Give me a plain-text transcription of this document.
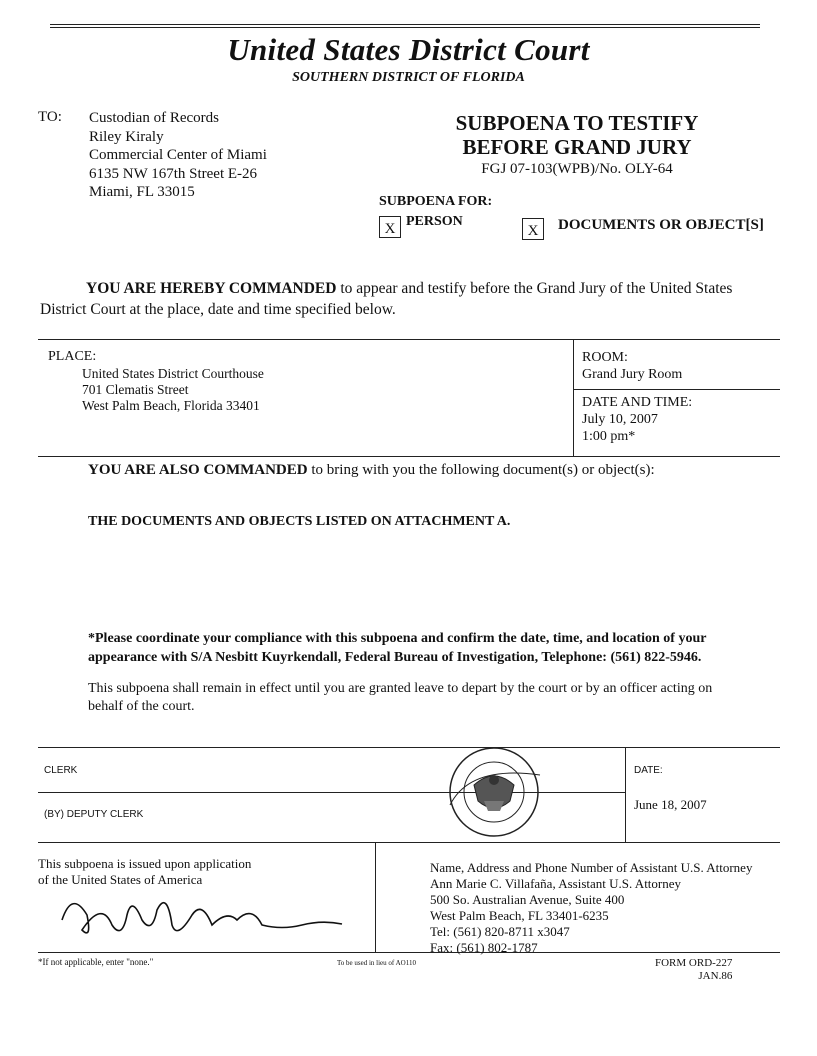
United States District Court
SOUTHERN DISTRICT OF FLORIDA
TO: Custodian of Records
Riley Kiraly
Commercial Center of Miami
6135 NW 167th Street E-26
Miami, FL 33015
SUBPOENA TO TESTIFY
BEFORE GRAND JURY
FGJ 07-103(WPB)/No. OLY-64
SUBPOENA FOR:
X PERSON
X	DOCUMENTS OR OBJECT[S]
YOU ARE HEREBY COMMANDED to appear and testify before the Grand Jury of the United States District Court at the place, date and time specified below.
PLACE:
United States District Courthouse
701 Clematis Street
West Palm Beach, Florida 33401
ROOM:
Grand Jury Room
DATE AND TIME:
July 10, 2007
1:00 pm*
YOU ARE ALSO COMMANDED to bring with you the following document(s) or object(s):
THE DOCUMENTS AND OBJECTS LISTED ON ATTACHMENT A.
*Please coordinate your compliance with this subpoena and confirm the date, time, and location of your appearance with S/A Nesbitt Kuyrkendall, Federal Bureau of Investigation, Telephone: (561) 822-5946.
This subpoena shall remain in effect until you are granted leave to depart by the court or by an officer acting on behalf of the court.
CLERK
(BY) DEPUTY CLERK
DATE:
June 18, 2007
This subpoena is issued upon application
of the United States of America
Name, Address and Phone Number of Assistant U.S. Attorney
Ann Marie C. Villafaña, Assistant U.S. Attorney
500 So. Australian Avenue, Suite 400
West Palm Beach, FL 33401-6235
Tel: (561) 820-8711 x3047
Fax: (561) 802-1787
*If not applicable, enter "none."	To be used in lieu of AO110	FORM ORD-227
JAN.86
